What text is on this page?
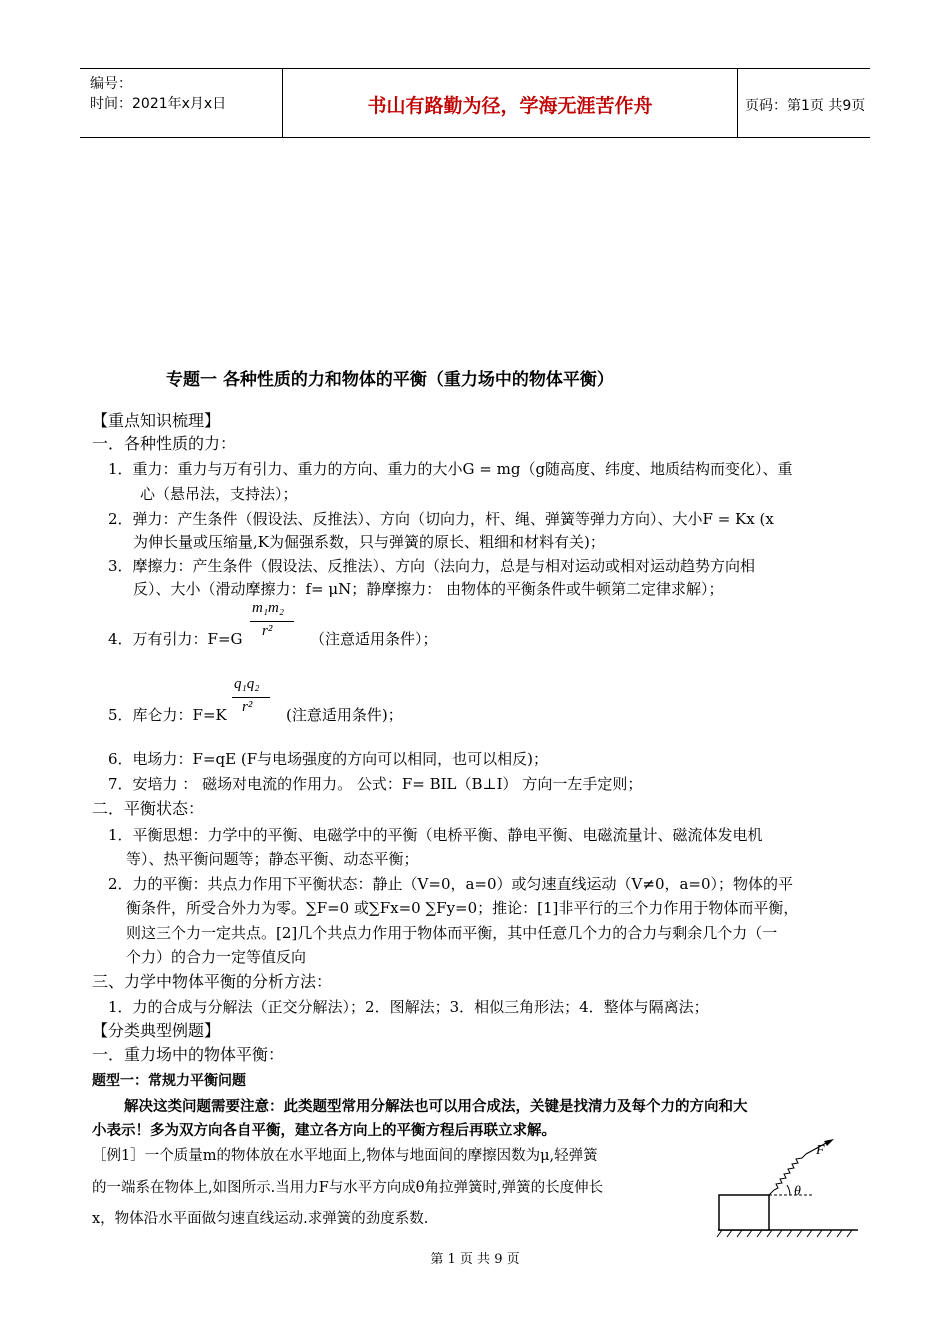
编号：
时间：2021年x月x日	书山有路勤为径，学海无涯苦作舟	页码：第1页 共9页
专题一 各种性质的力和物体的平衡（重力场中的物体平衡）
【重点知识梳理】
一．各种性质的力：
1．重力：重力与万有引力、重力的方向、重力的大小G = mg（g随高度、纬度、地质结构而变化）、重
心（悬吊法，支持法）；
2．弹力：产生条件（假设法、反推法）、方向（切向力，杆、绳、弹簧等弹力方向）、大小F = Kx (x
为伸长量或压缩量,K为倔强系数，只与弹簧的原长、粗细和材料有关)；
3．摩擦力：产生条件（假设法、反推法）、方向（法向力，总是与相对运动或相对运动趋势方向相
反）、大小（滑动摩擦力：f= μN；静摩擦力： 由物体的平衡条件或牛顿第二定律求解）；
4．万有引力：F=G
m₁m₂
r²	（注意适用条件）；
5．库仑力：F=K
q₁q₂
r² (注意适用条件)；
6．电场力：F=qE (F与电场强度的方向可以相同，也可以相反)；
7．安培力 ： 磁场对电流的作用力。 公式：F= BIL（B⊥I） 方向一左手定则；
二．平衡状态：
1．平衡思想：力学中的平衡、电磁学中的平衡（电桥平衡、静电平衡、电磁流量计、磁流体发电机
等）、热平衡问题等；静态平衡、动态平衡；
2．力的平衡：共点力作用下平衡状态：静止（V=0，a=0）或匀速直线运动（V≠0，a=0）；物体的平
衡条件，所受合外力为零。∑F=0 或∑Fx=0 ∑Fy=0；推论：[1]非平行的三个力作用于物体而平衡，
则这三个力一定共点。[2]几个共点力作用于物体而平衡，其中任意几个力的合力与剩余几个力（一
个力）的合力一定等值反向
三、力学中物体平衡的分析方法：
1．力的合成与分解法（正交分解法）；2．图解法；3．相似三角形法；4．整体与隔离法；
【分类典型例题】
一．重力场中的物体平衡：
题型一：常规力平衡问题
解决这类问题需要注意：此类题型常用分解法也可以用合成法，关键是找清力及每个力的方向和大
小表示！多为双方向各自平衡，建立各方向上的平衡方程后再联立求解。
［例1］一个质量m的物体放在水平地面上,物体与地面间的摩擦因数为μ,轻弹簧
的一端系在物体上,如图所示.当用力F与水平方向成θ角拉弹簧时,弹簧的长度伸长
x，物体沿水平面做匀速直线运动.求弹簧的劲度系数.
F
θ
第 1 页 共 9 页
